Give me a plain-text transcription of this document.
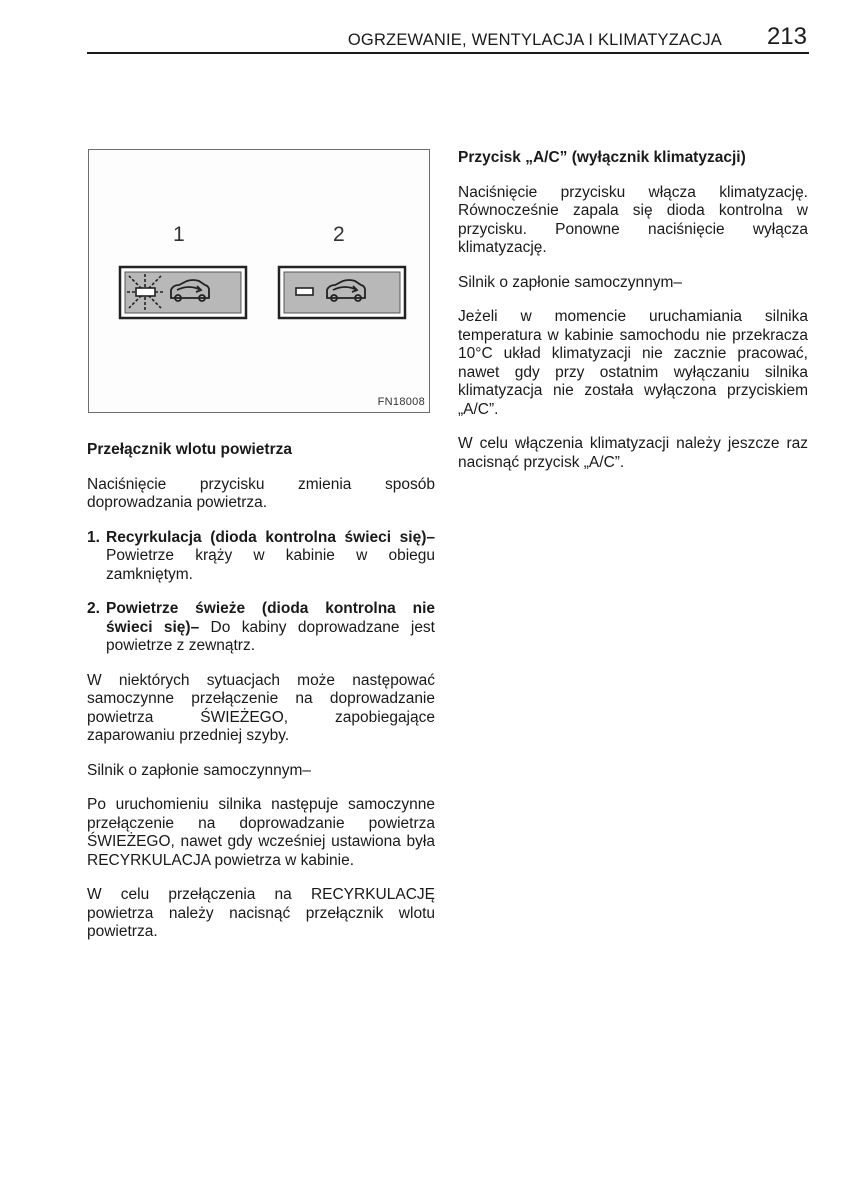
OGRZEWANIE, WENTYLACJA I KLIMATYZACJA 213
1	2
FN18008

Przełącznik wlotu powietrza

Naciśnięcie przycisku zmienia sposób doprowadzania powietrza.

1. Recyrkulacja (dioda kontrolna świeci się)– Powietrze krąży w kabinie w obiegu zamkniętym.
2. Powietrze świeże (dioda kontrolna nie świeci się)– Do kabiny doprowadzane jest powietrze z zewnątrz.

W niektórych sytuacjach może następować samoczynne przełączenie na doprowadzanie powietrza ŚWIEŻEGO, zapobiegające zaparowaniu przedniej szyby.

Silnik o zapłonie samoczynnym–

Po uruchomieniu silnika następuje samoczynne przełączenie na doprowadzanie powietrza ŚWIEŻEGO, nawet gdy wcześniej ustawiona była RECYRKULACJA powietrza w kabinie.

W celu przełączenia na RECYRKULACJĘ powietrza należy nacisnąć przełącznik wlotu powietrza.

Przycisk „A/C” (wyłącznik klimatyzacji)

Naciśnięcie przycisku włącza klimatyzację. Równocześnie zapala się dioda kontrolna w przycisku. Ponowne naciśnięcie wyłącza klimatyzację.

Silnik o zapłonie samoczynnym–

Jeżeli w momencie uruchamiania silnika temperatura w kabinie samochodu nie przekracza 10°C układ klimatyzacji nie zacznie pracować, nawet gdy przy ostatnim wyłączaniu silnika klimatyzacja nie została wyłączona przyciskiem „A/C”.

W celu włączenia klimatyzacji należy jeszcze raz nacisnąć przycisk „A/C”.
